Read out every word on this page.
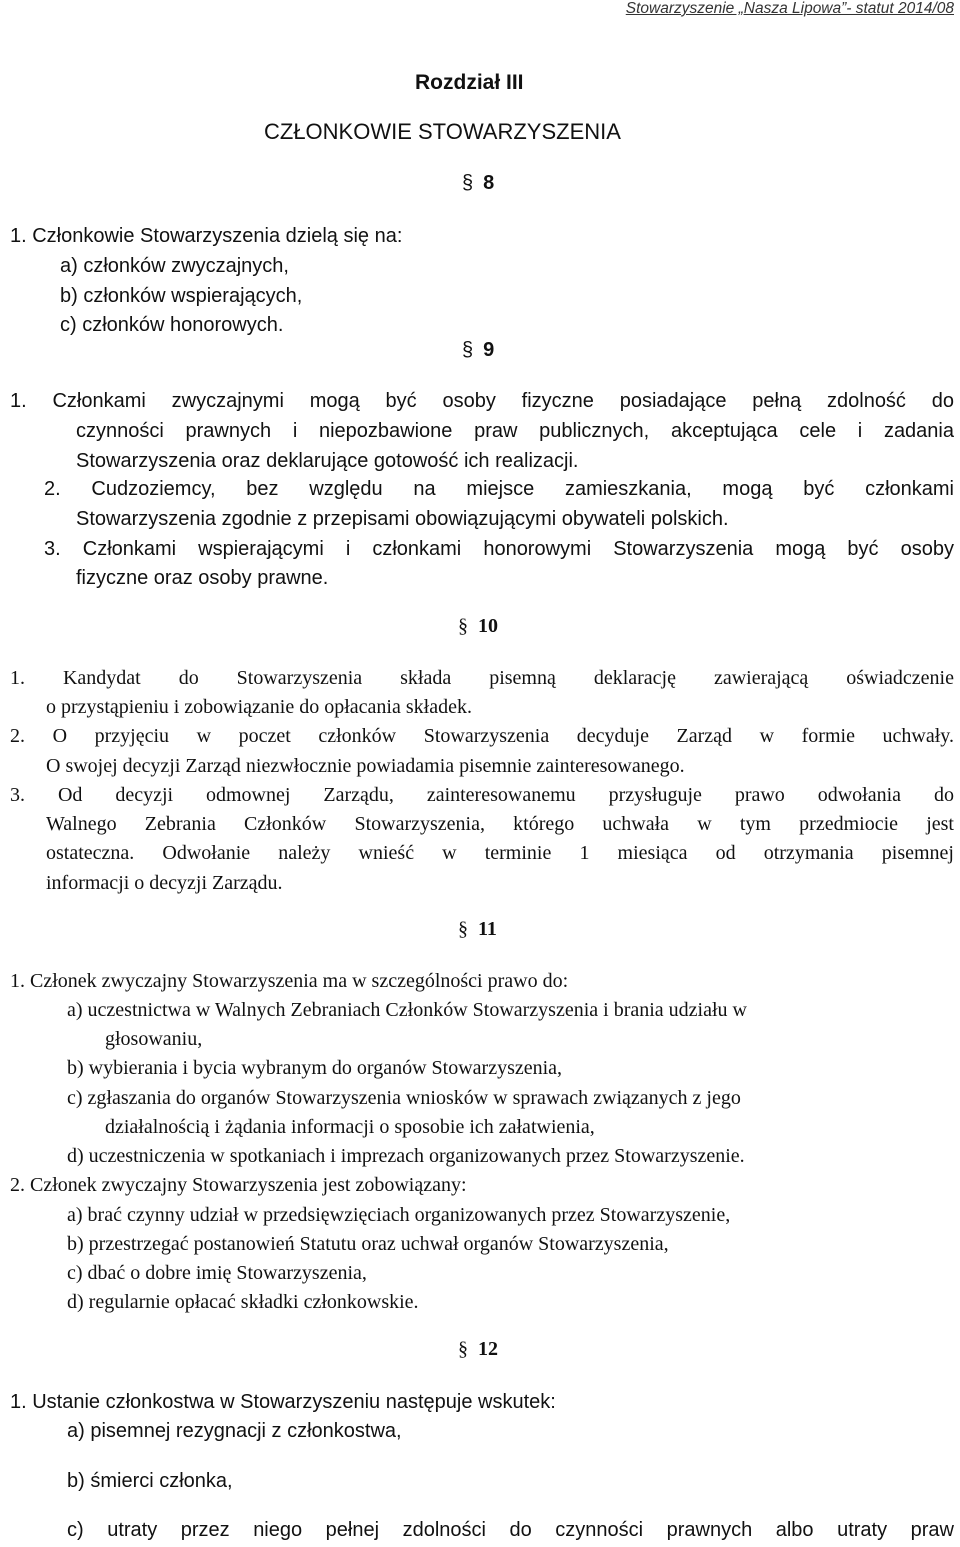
Stowarzyszenie „Nasza Lipowa”- statut 2014/08
Rozdział III
CZŁONKOWIE STOWARZYSZENIA
§ 8
1. Członkowie Stowarzyszenia dzielą się na:
a) członków zwyczajnych,
b) członków wspierających,
c) członków honorowych.
§ 9
1. Członkami zwyczajnymi mogą być osoby fizyczne posiadające pełną zdolność do
czynności prawnych i niepozbawione praw publicznych, akceptująca cele i zadania
Stowarzyszenia oraz deklarujące gotowość ich realizacji.
2. Cudzoziemcy, bez względu na miejsce zamieszkania, mogą być członkami
Stowarzyszenia zgodnie z przepisami obowiązującymi obywateli polskich.
3. Członkami wspierającymi i członkami honorowymi Stowarzyszenia mogą być osoby
fizyczne oraz osoby prawne.
§ 10
1. Kandydat do Stowarzyszenia składa pisemną deklarację zawierającą oświadczenie
o przystąpieniu i zobowiązanie do opłacania składek.
2. O przyjęciu w poczet członków Stowarzyszenia decyduje Zarząd w formie uchwały.
O swojej decyzji Zarząd niezwłocznie powiadamia pisemnie zainteresowanego.
3. Od decyzji odmownej Zarządu, zainteresowanemu przysługuje prawo odwołania do
Walnego Zebrania Członków Stowarzyszenia, którego uchwała w tym przedmiocie jest
ostateczna. Odwołanie należy wnieść w terminie 1 miesiąca od otrzymania pisemnej
informacji o decyzji Zarządu.
§ 11
1. Członek zwyczajny Stowarzyszenia ma w szczególności prawo do:
a) uczestnictwa w Walnych Zebraniach Członków Stowarzyszenia i brania udziału w
głosowaniu,
b) wybierania i bycia wybranym do organów Stowarzyszenia,
c) zgłaszania do organów Stowarzyszenia wniosków w sprawach związanych z jego
działalnością i żądania informacji o sposobie ich załatwienia,
d) uczestniczenia w spotkaniach i imprezach organizowanych przez Stowarzyszenie.
2. Członek zwyczajny Stowarzyszenia jest zobowiązany:
a) brać czynny udział w przedsięwzięciach organizowanych przez Stowarzyszenie,
b) przestrzegać postanowień Statutu oraz uchwał organów Stowarzyszenia,
c) dbać o dobre imię Stowarzyszenia,
d) regularnie opłacać składki członkowskie.
§ 12
1. Ustanie członkostwa w Stowarzyszeniu następuje wskutek:
a) pisemnej rezygnacji z członkostwa,
b) śmierci członka,
c) utraty przez niego pełnej zdolności do czynności prawnych albo utraty praw
